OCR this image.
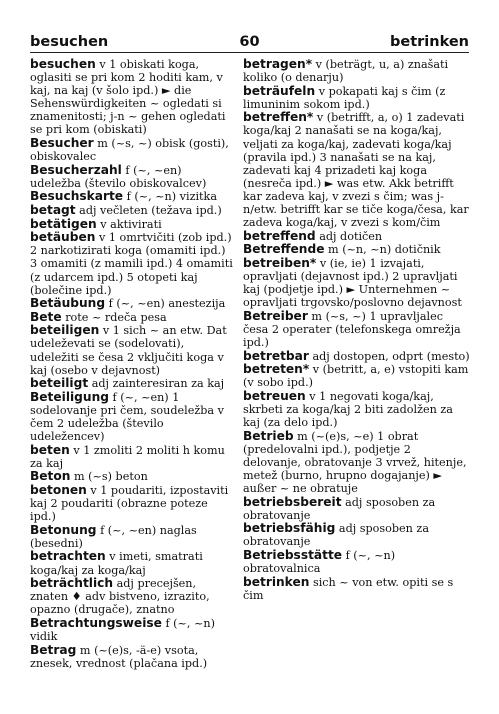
besuchen	60	betrinken
besuchen v 1 obiskati koga, oglasiti se pri kom 2 hoditi kam, v kaj, na kaj (v šolo ipd.) ► die Sehenswürdigkeiten ~ ogledati si znamenitosti; j-n ~ gehen ogledati se pri kom (obiskati)
Besucher m (~s, ~) obisk (gosti), obiskovalec
Besucherzahl f (~, ~en) udeležba (število obiskovalcev)
Besuchskarte f (~, ~n) vizitka
betagt adj večleten (težava ipd.)
betätigen v aktivirati
betäuben v 1 omrtvičiti (zob ipd.) 2 narkotizirati koga (omamiti ipd.) 3 omamiti (z mamili ipd.) 4 omamiti (z udarcem ipd.) 5 otopeti kaj (bolečine ipd.)
Betäubung f (~, ~en) anestezija
Bete rote ~ rdeča pesa
beteiligen v 1 sich ~ an etw. Dat udeleževati se (sodelovati), udeležiti se česa 2 vključiti koga v kaj (osebo v dejavnost)
beteiligt adj zainteresiran za kaj
Beteiligung f (~, ~en) 1 sodelovanje pri čem, soudeležba v čem 2 udeležba (število udeležencev)
beten v 1 zmoliti 2 moliti h komu za kaj
Beton m (~s) beton
betonen v 1 poudariti, izpostaviti kaj 2 poudariti (obrazne poteze ipd.)
Betonung f (~, ~en) naglas (besedni)
betrachten v imeti, smatrati koga/kaj za koga/kaj
beträchtlich adj precejšen, znaten ♦ adv bistveno, izrazito, opazno (drugače), znatno
Betrachtungsweise f (~, ~n) vidik
Betrag m (~(e)s, -ä-e) vsota, znesek, vrednost (plačana ipd.)
betragen* v (beträgt, u, a) znašati koliko (o denarju)
beträufeln v pokapati kaj s čim (z limuninim sokom ipd.)
betreffen* v (betrifft, a, o) 1 zadevati koga/kaj 2 nanašati se na koga/kaj, veljati za koga/kaj, zadevati koga/kaj (pravila ipd.) 3 nanašati se na kaj, zadevati kaj 4 prizadeti kaj koga (nesreča ipd.) ► was etw. Akk betrifft kar zadeva kaj, v zvezi s čim; was j-n/etw. betrifft kar se tiče koga/česa, kar zadeva koga/kaj, v zvezi s kom/čim
betreffend adj dotičen
Betreffende m (~n, ~n) dotičnik
betreiben* v (ie, ie) 1 izvajati, opravljati (dejavnost ipd.) 2 upravljati kaj (podjetje ipd.) ► Unternehmen ~ opravljati trgovsko/poslovno dejavnost
Betreiber m (~s, ~) 1 upravljalec česa 2 operater (telefonskega omrežja ipd.)
betretbar adj dostopen, odprt (mesto)
betreten* v (betritt, a, e) vstopiti kam (v sobo ipd.)
betreuen v 1 negovati koga/kaj, skrbeti za koga/kaj 2 biti zadolžen za kaj (za delo ipd.)
Betrieb m (~(e)s, ~e) 1 obrat (predelovalni ipd.), podjetje 2 delovanje, obratovanje 3 vrvež, hitenje, metež (burno, hrupno dogajanje) ► außer ~ ne obratuje
betriebsbereit adj sposoben za obratovanje
betriebsfähig adj sposoben za obratovanje
Betriebsstätte f (~, ~n) obratovalnica
betrinken sich ~ von etw. opiti se s čim
